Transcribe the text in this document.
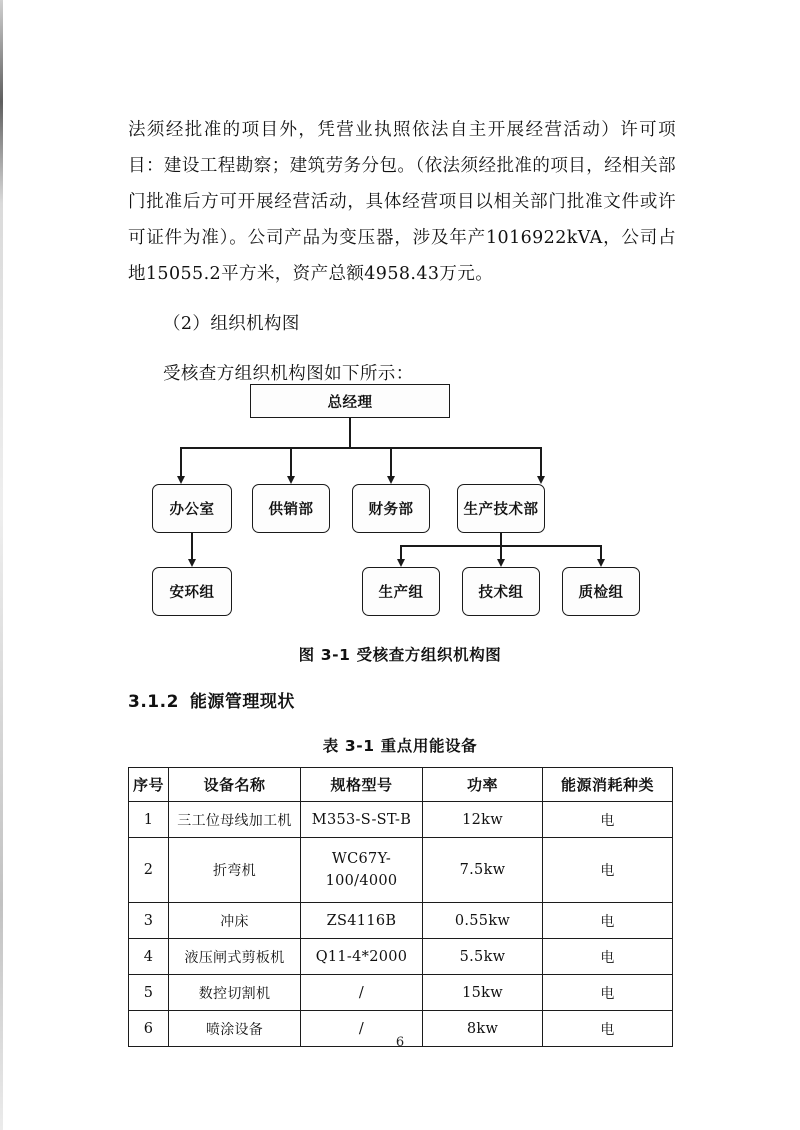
法须经批准的项目外，凭营业执照依法自主开展经营活动）许可项目：建设工程勘察；建筑劳务分包。（依法须经批准的项目，经相关部门批准后方可开展经营活动，具体经营项目以相关部门批准文件或许可证件为准）。公司产品为变压器，涉及年产1016922kVA，公司占地15055.2平方米，资产总额4958.43万元。

（2）组织机构图

受核查方组织机构图如下所示：

总经理
办公室	供销部	财务部	生产技术部
安环组	生产组	技术组	质检组
图 3-1 受核查方组织机构图
3.1.2 能源管理现状
表 3-1 重点用能设备
序号	设备名称	规格型号	功率	能源消耗种类
1	三工位母线加工机	M353-S-ST-B	12kw	电
2	折弯机	WC67Y-
100/4000	7.5kw	电
3	冲床	ZS4116B	0.55kw	电
4	液压闸式剪板机	Q11-4*2000	5.5kw	电
5	数控切割机	/	15kw	电
6	喷涂设备	/	8kw	电
6
